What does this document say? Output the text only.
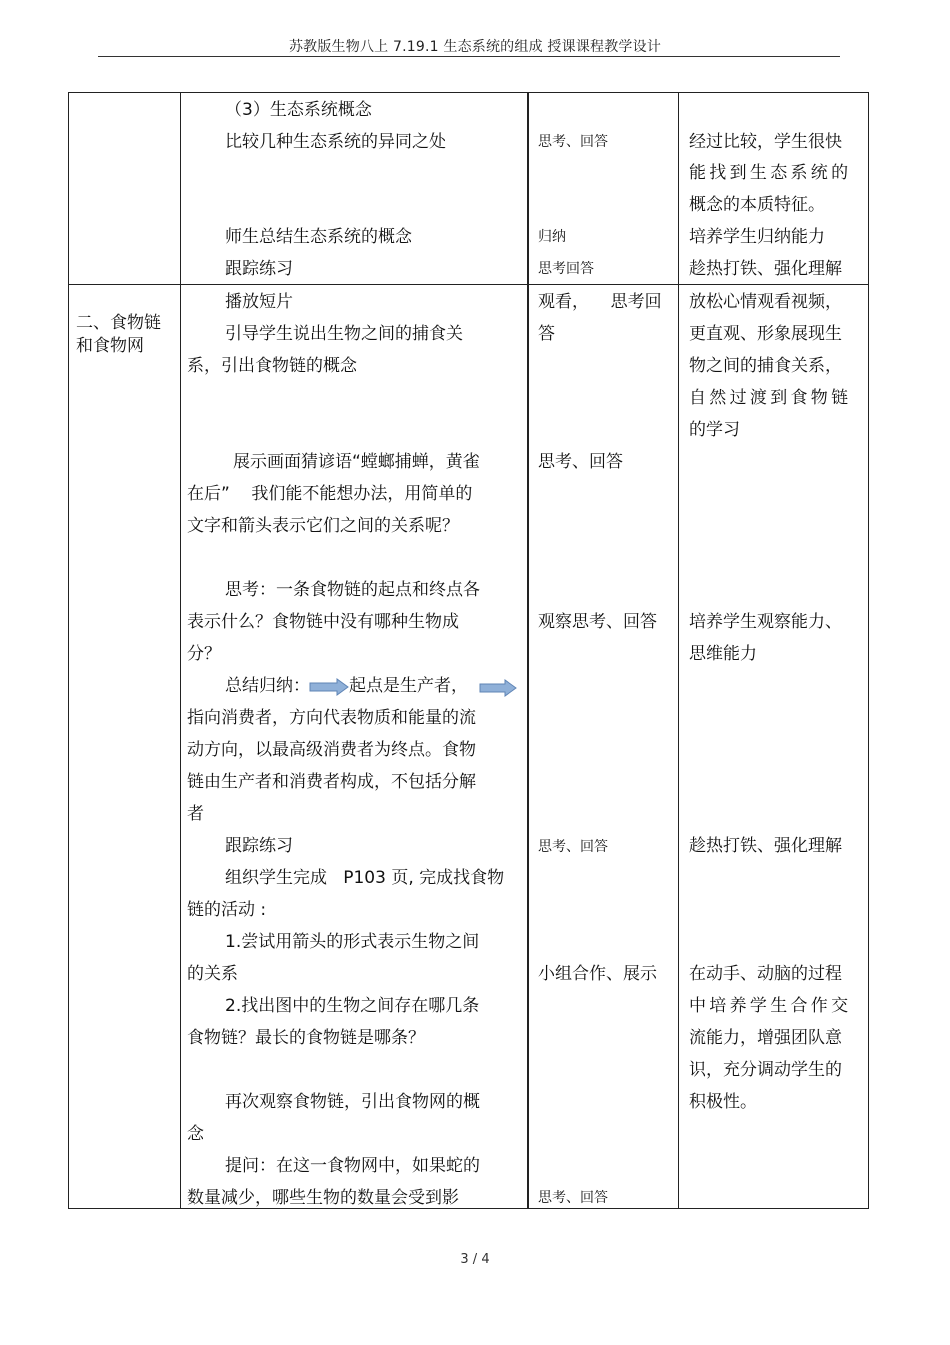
苏教版生物八上 7.19.1 生态系统的组成 授课课程教学设计
（3）生态系统概念
比较几种生态系统的异同之处
师生总结生态系统的概念
跟踪练习
思考、回答
归纳
思考回答
经过比较，学生很快
能找到生态系统的
概念的本质特征。
培养学生归纳能力
趁热打铁、强化理解
二、食物链
和食物网
播放短片
引导学生说出生物之间的捕食关
系，引出食物链的概念
展示画面猜谚语“螳螂捕蝉，黄雀
在后”    我们能不能想办法，用简单的
文字和箭头表示它们之间的关系呢？
思考：一条食物链的起点和终点各
表示什么？食物链中没有哪种生物成
分？
总结归纳： 起点是生产者，
指向消费者，方向代表物质和能量的流
动方向，以最高级消费者为终点。食物
链由生产者和消费者构成，不包括分解
者
跟踪练习
组织学生完成   P103 页, 完成找食物
链的活动 :
1.尝试用箭头的形式表示生物之间
的关系
2.找出图中的生物之间存在哪几条
食物链？最长的食物链是哪条？
再次观察食物链，引出食物网的概
念
提问：在这一食物网中，如果蛇的
数量减少，哪些生物的数量会受到影
观看，    思考回
答
思考、回答
观察思考、回答
思考、回答
小组合作、展示
思考、回答
放松心情观看视频，
更直观、形象展现生
物之间的捕食关系，
自然过渡到食物链
的学习
培养学生观察能力、
思维能力
趁热打铁、强化理解
在动手、动脑的过程
中培养学生合作交
流能力，增强团队意
识，充分调动学生的
积极性。
3 / 4
